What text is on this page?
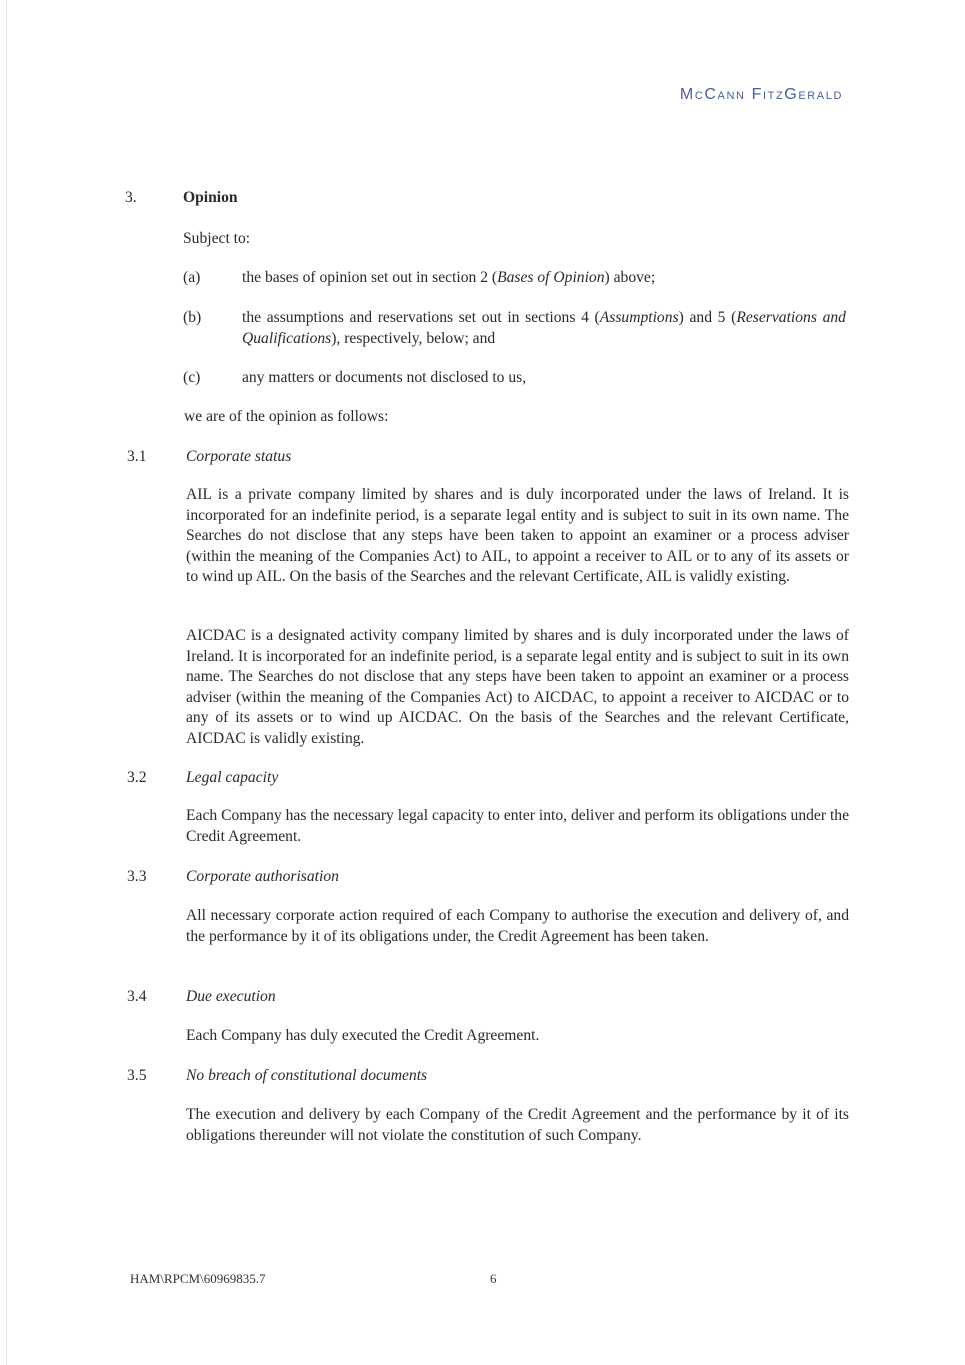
McCann FitzGerald
3.	Opinion
Subject to:
(a)	the bases of opinion set out in section 2 (Bases of Opinion) above;
(b)	the assumptions and reservations set out in sections 4 (Assumptions) and 5 (Reservations and Qualifications), respectively, below; and
(c)	any matters or documents not disclosed to us,
we are of the opinion as follows:
3.1	Corporate status
AIL is a private company limited by shares and is duly incorporated under the laws of Ireland. It is incorporated for an indefinite period, is a separate legal entity and is subject to suit in its own name. The Searches do not disclose that any steps have been taken to appoint an examiner or a process adviser (within the meaning of the Companies Act) to AIL, to appoint a receiver to AIL or to any of its assets or to wind up AIL. On the basis of the Searches and the relevant Certificate, AIL is validly existing.
AICDAC is a designated activity company limited by shares and is duly incorporated under the laws of Ireland. It is incorporated for an indefinite period, is a separate legal entity and is subject to suit in its own name. The Searches do not disclose that any steps have been taken to appoint an examiner or a process adviser (within the meaning of the Companies Act) to AICDAC, to appoint a receiver to AICDAC or to any of its assets or to wind up AICDAC. On the basis of the Searches and the relevant Certificate, AICDAC is validly existing.
3.2	Legal capacity
Each Company has the necessary legal capacity to enter into, deliver and perform its obligations under the Credit Agreement.
3.3	Corporate authorisation
All necessary corporate action required of each Company to authorise the execution and delivery of, and the performance by it of its obligations under, the Credit Agreement has been taken.
3.4	Due execution
Each Company has duly executed the Credit Agreement.
3.5	No breach of constitutional documents
The execution and delivery by each Company of the Credit Agreement and the performance by it of its obligations thereunder will not violate the constitution of such Company.
HAM\RPCM\60969835.7	6
